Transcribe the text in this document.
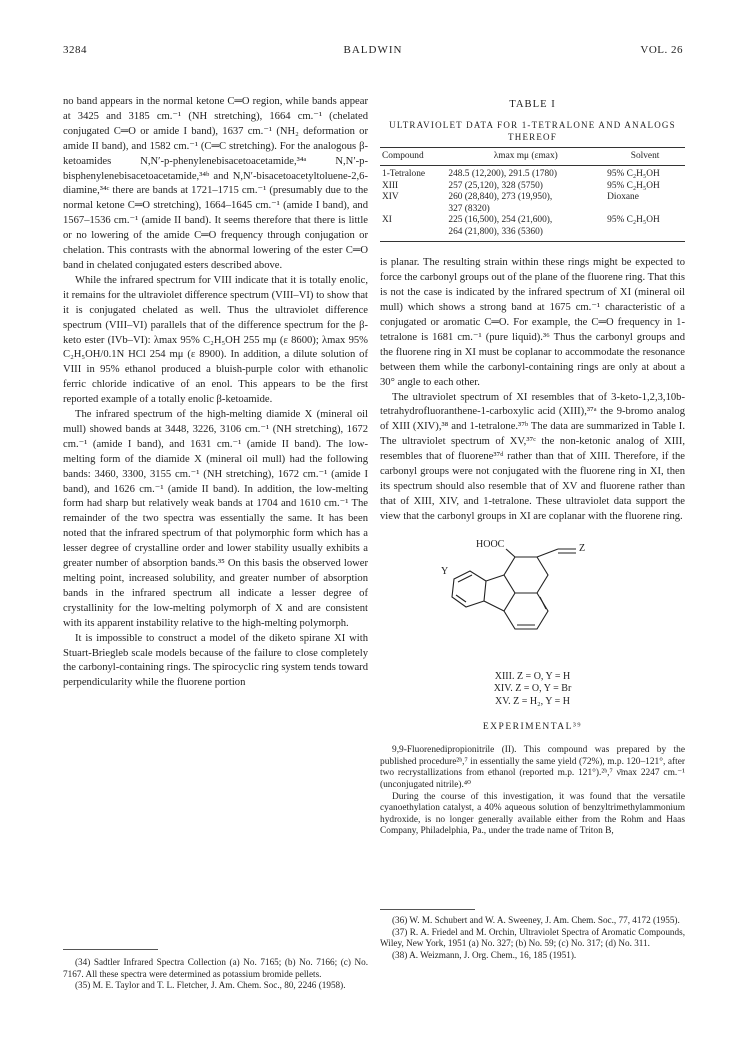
3284	BALDWIN	VOL. 26

no band appears in the normal ketone C═O region, while bands appear at 3425 and 3185 cm.⁻¹ (NH stretching), 1664 cm.⁻¹ (chelated conjugated C═O or amide I band), 1637 cm.⁻¹ (NH₂ deformation or amide II band), and 1582 cm.⁻¹ (C═C stretching). For the analogous β-ketoamides N,N′-p-phenylenebisacetoacetamide,³⁴ᵃ N,N′-p-bisphenylenebisacetoacetamide,³⁴ᵇ and N,N′-bisacetoacetyltoluene-2,6-diamine,³⁴ᶜ there are bands at 1721–1715 cm.⁻¹ (presumably due to the normal ketone C═O stretching), 1664–1645 cm.⁻¹ (amide I band), and 1567–1536 cm.⁻¹ (amide II band). It seems therefore that there is little or no lowering of the amide C═O frequency through conjugation or chelation. This contrasts with the abnormal lowering of the ester C═O band in chelated conjugated esters described above.

While the infrared spectrum for VIII indicate that it is totally enolic, it remains for the ultraviolet difference spectrum (VIII–VI) to show that it is conjugated chelated as well. Thus the ultraviolet difference spectrum (VIII–VI) parallels that of the difference spectrum for the β-keto ester (IVb–VI): λmax 95% C₂H₅OH 255 mμ (ε 8600); λmax 95% C₂H₅OH/0.1N HCl 254 mμ (ε 8900). In addition, a dilute solution of VIII in 95% ethanol produced a bluish-purple color with ethanolic ferric chloride indicative of an enol. This appears to be the first reported example of a totally enolic β-ketoamide.

The infrared spectrum of the high-melting diamide X (mineral oil mull) showed bands at 3448, 3226, 3106 cm.⁻¹ (NH stretching), 1672 cm.⁻¹ (amide I band), and 1631 cm.⁻¹ (amide II band). The low-melting form of the diamide X (mineral oil mull) had the following bands: 3460, 3300, 3155 cm.⁻¹ (NH stretching), 1672 cm.⁻¹ (amide I band), and 1626 cm.⁻¹ (amide II band). In addition, the low-melting form had sharp but relatively weak bands at 1704 and 1610 cm.⁻¹ The remainder of the two spectra was essentially the same. It has been noted that the infrared spectrum of that polymorphic form which has a lesser degree of crystalline order and lower stability usually exhibits a greater number of absorption bands.³⁵ On this basis the observed lower melting point, increased solubility, and greater number of absorption bands in the infrared spectrum all indicate a lesser degree of crystallinity for the low-melting polymorph of X and are consistent with its apparent instability relative to the high-melting polymorph.

It is impossible to construct a model of the diketo spirane XI with Stuart-Briegleb scale models because of the failure to close completely the carbonyl-containing rings. The spirocyclic ring system tends toward perpendicularity while the fluorene portion

(34) Sadtler Infrared Spectra Collection (a) No. 7165; (b) No. 7166; (c) No. 7167. All these spectra were determined as potassium bromide pellets.

(35) M. E. Taylor and T. L. Fletcher, J. Am. Chem. Soc., 80, 2246 (1958).

TABLE I
ULTRAVIOLET DATA FOR 1-TETRALONE AND ANALOGS
THEREOF
Compound	λmax mμ (εmax)	Solvent
1-Tetralone	248.5 (12,200), 291.5 (1780)	95% C₂H₅OH
XIII	257 (25,120), 328 (5750)	95% C₂H₅OH
XIV	260 (28,840), 273 (19,950),	Dioxane
	327 (8320)	
XI	225 (16,500), 254 (21,600),	95% C₂H₅OH
	264 (21,800), 336 (5360)	

is planar. The resulting strain within these rings might be expected to force the carbonyl groups out of the plane of the fluorene ring. That this is not the case is indicated by the infrared spectrum of XI (mineral oil mull) which shows a strong band at 1675 cm.⁻¹ characteristic of a conjugated or aromatic C═O. For example, the C═O frequency in 1-tetralone is 1681 cm.⁻¹ (pure liquid).³⁶ Thus the carbonyl groups and the fluorene ring in XI must be coplanar to accommodate the resonance between them while the carbonyl-containing rings are only at about a 30° angle to each other.

The ultraviolet spectrum of XI resembles that of 3-keto-1,2,3,10b-tetrahydrofluoranthene-1-carboxylic acid (XIII),³⁷ᵃ the 9-bromo analog of XIII (XIV),³⁸ and 1-tetralone.³⁷ᵇ The data are summarized in Table I. The ultraviolet spectrum of XV,³⁷ᶜ the non-ketonic analog of XIII, resembles that of fluorene³⁷ᵈ rather than that of XIII. Therefore, if the carbonyl groups were not conjugated with the fluorene ring in XI, then its spectrum should also resemble that of XV and fluorene rather than that of XIII, XIV, and 1-tetralone. These ultraviolet data support the view that the carbonyl groups in XI are coplanar with the fluorene ring.

HOOC	Z
Y
XIII. Z = O, Y = H
XIV. Z = O, Y = Br
XV. Z = H₂, Y = H
EXPERIMENTAL³⁹

9,9-Fluorenedipropionitrile (II). This compound was prepared by the published procedure²ᵇ,⁷ in essentially the same yield (72%), m.p. 120–121°, after two recrystallizations from ethanol (reported m.p. 121°).²ᵇ,⁷ ν̄max 2247 cm.⁻¹ (unconjugated nitrile).⁴⁰

During the course of this investigation, it was found that the versatile cyanoethylation catalyst, a 40% aqueous solution of benzyltrimethylammonium hydroxide, is no longer generally available either from the Rohm and Haas Company, Philadelphia, Pa., under the trade name of Triton B,

(36) W. M. Schubert and W. A. Sweeney, J. Am. Chem. Soc., 77, 4172 (1955).

(37) R. A. Friedel and M. Orchin, Ultraviolet Spectra of Aromatic Compounds, Wiley, New York, 1951 (a) No. 327; (b) No. 59; (c) No. 317; (d) No. 311.

(38) A. Weizmann, J. Org. Chem., 16, 185 (1951).
